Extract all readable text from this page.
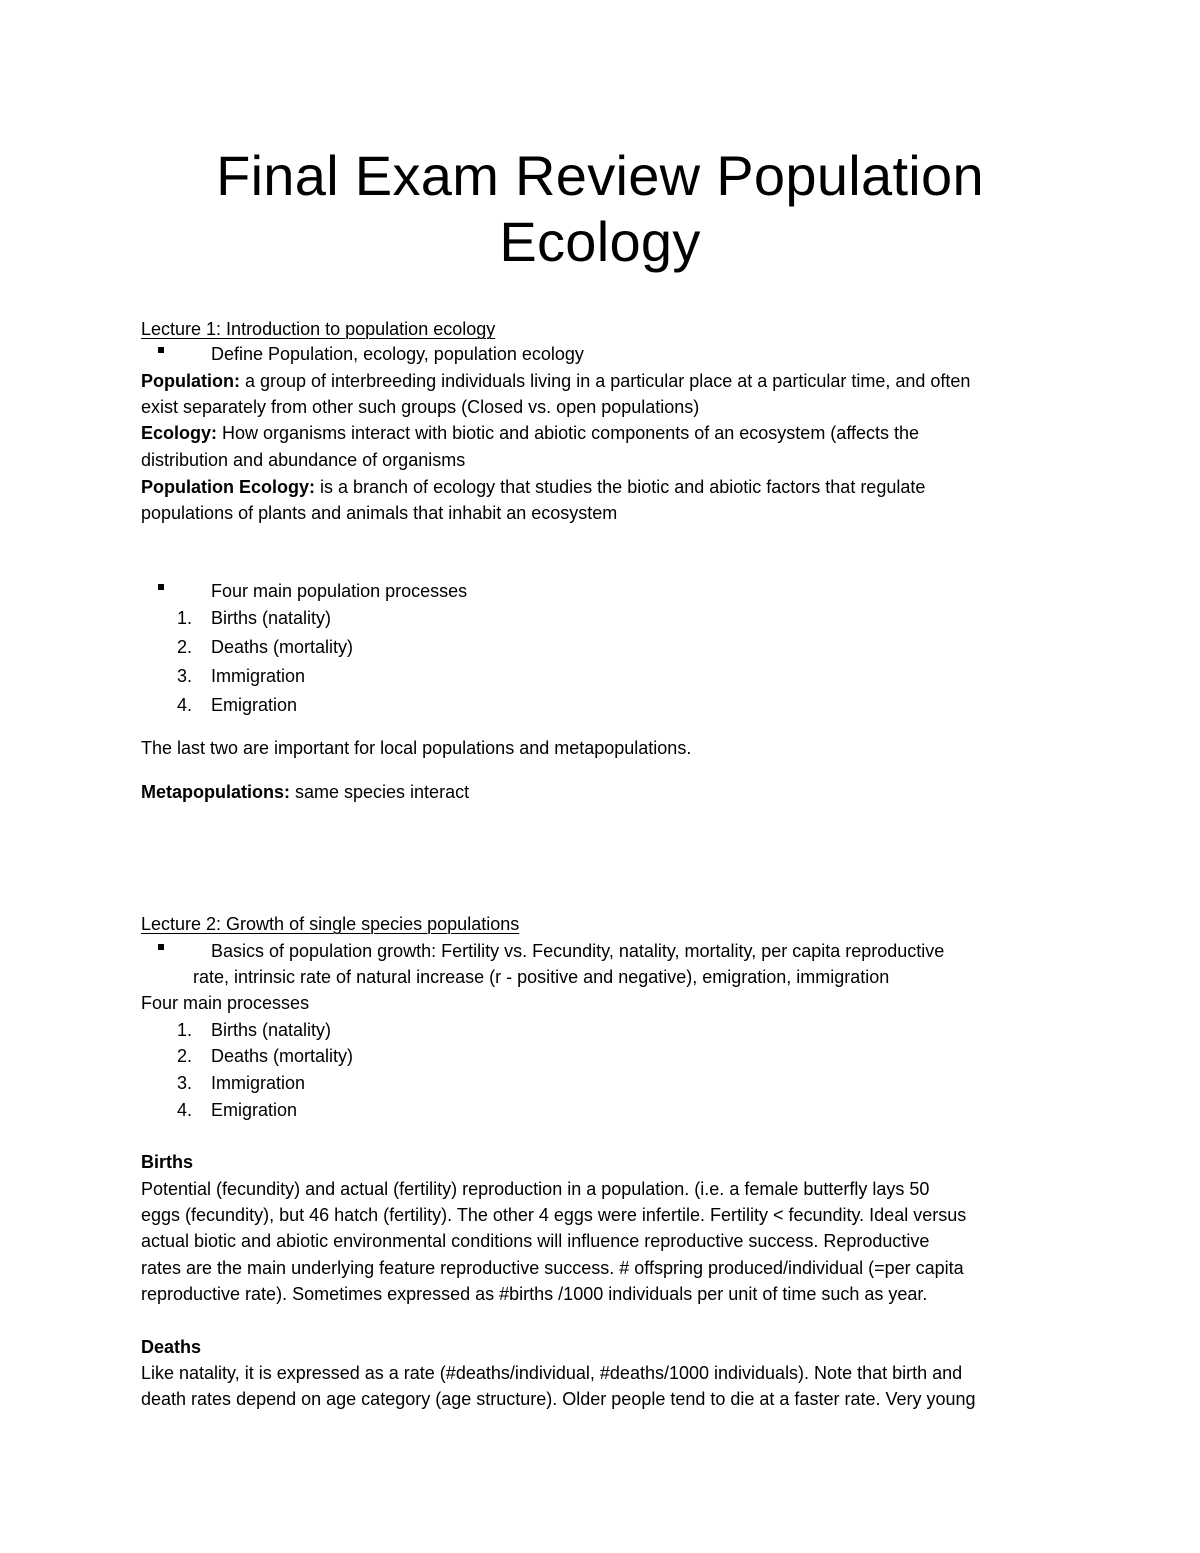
Final Exam Review Population
Ecology
Lecture 1: Introduction to population ecology
Define Population, ecology, population ecology
Population: a group of interbreeding individuals living in a particular place at a particular time, and often
exist separately from other such groups (Closed vs. open populations)
Ecology: How organisms interact with biotic and abiotic components of an ecosystem (affects the
distribution and abundance of organisms
Population Ecology: is a branch of ecology that studies the biotic and abiotic factors that regulate
populations of plants and animals that inhabit an ecosystem
Four main population processes
1. Births (natality)
2. Deaths (mortality)
3. Immigration
4. Emigration
The last two are important for local populations and metapopulations.
Metapopulations: same species interact
Lecture 2: Growth of single species populations
Basics of population growth: Fertility vs. Fecundity, natality, mortality, per capita reproductive
rate, intrinsic rate of natural increase (r - positive and negative), emigration, immigration
Four main processes
1. Births (natality)
2. Deaths (mortality)
3. Immigration
4. Emigration
Births
Potential (fecundity) and actual (fertility) reproduction in a population. (i.e. a female butterfly lays 50
eggs (fecundity), but 46 hatch (fertility). The other 4 eggs were infertile. Fertility < fecundity. Ideal versus
actual biotic and abiotic environmental conditions will influence reproductive success. Reproductive
rates are the main underlying feature reproductive success. # offspring produced/individual (=per capita
reproductive rate). Sometimes expressed as #births /1000 individuals per unit of time such as year.
Deaths
Like natality, it is expressed as a rate (#deaths/individual, #deaths/1000 individuals). Note that birth and
death rates depend on age category (age structure). Older people tend to die at a faster rate. Very young
